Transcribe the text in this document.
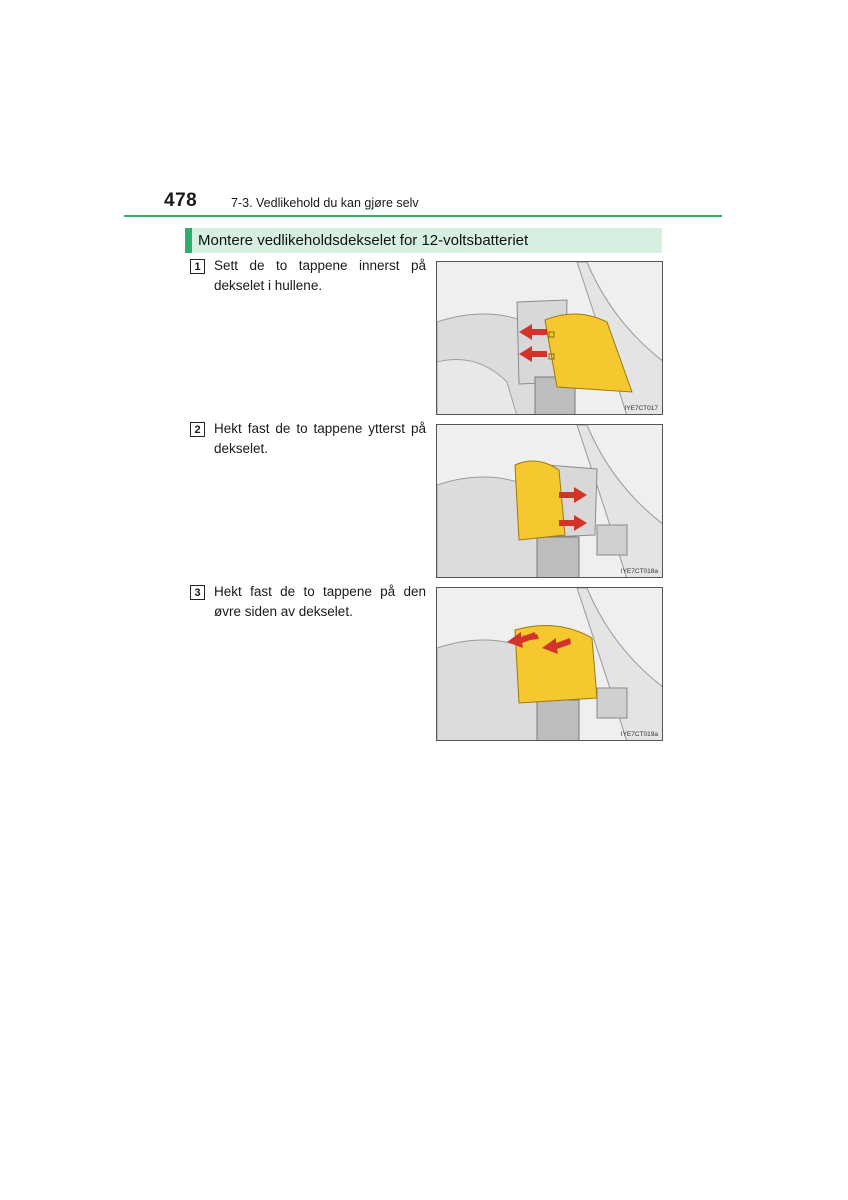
478	7-3. Vedlikehold du kan gjøre selv
Montere vedlikeholdsdekselet for 12-voltsbatteriet
1 Sett de to tappene innerst på dekselet i hullene.
IYE7CT017
2 Hekt fast de to tappene ytterst på dekselet.
IYE7CT018a
3 Hekt fast de to tappene på den øvre siden av dekselet.
IYE7CT019a
